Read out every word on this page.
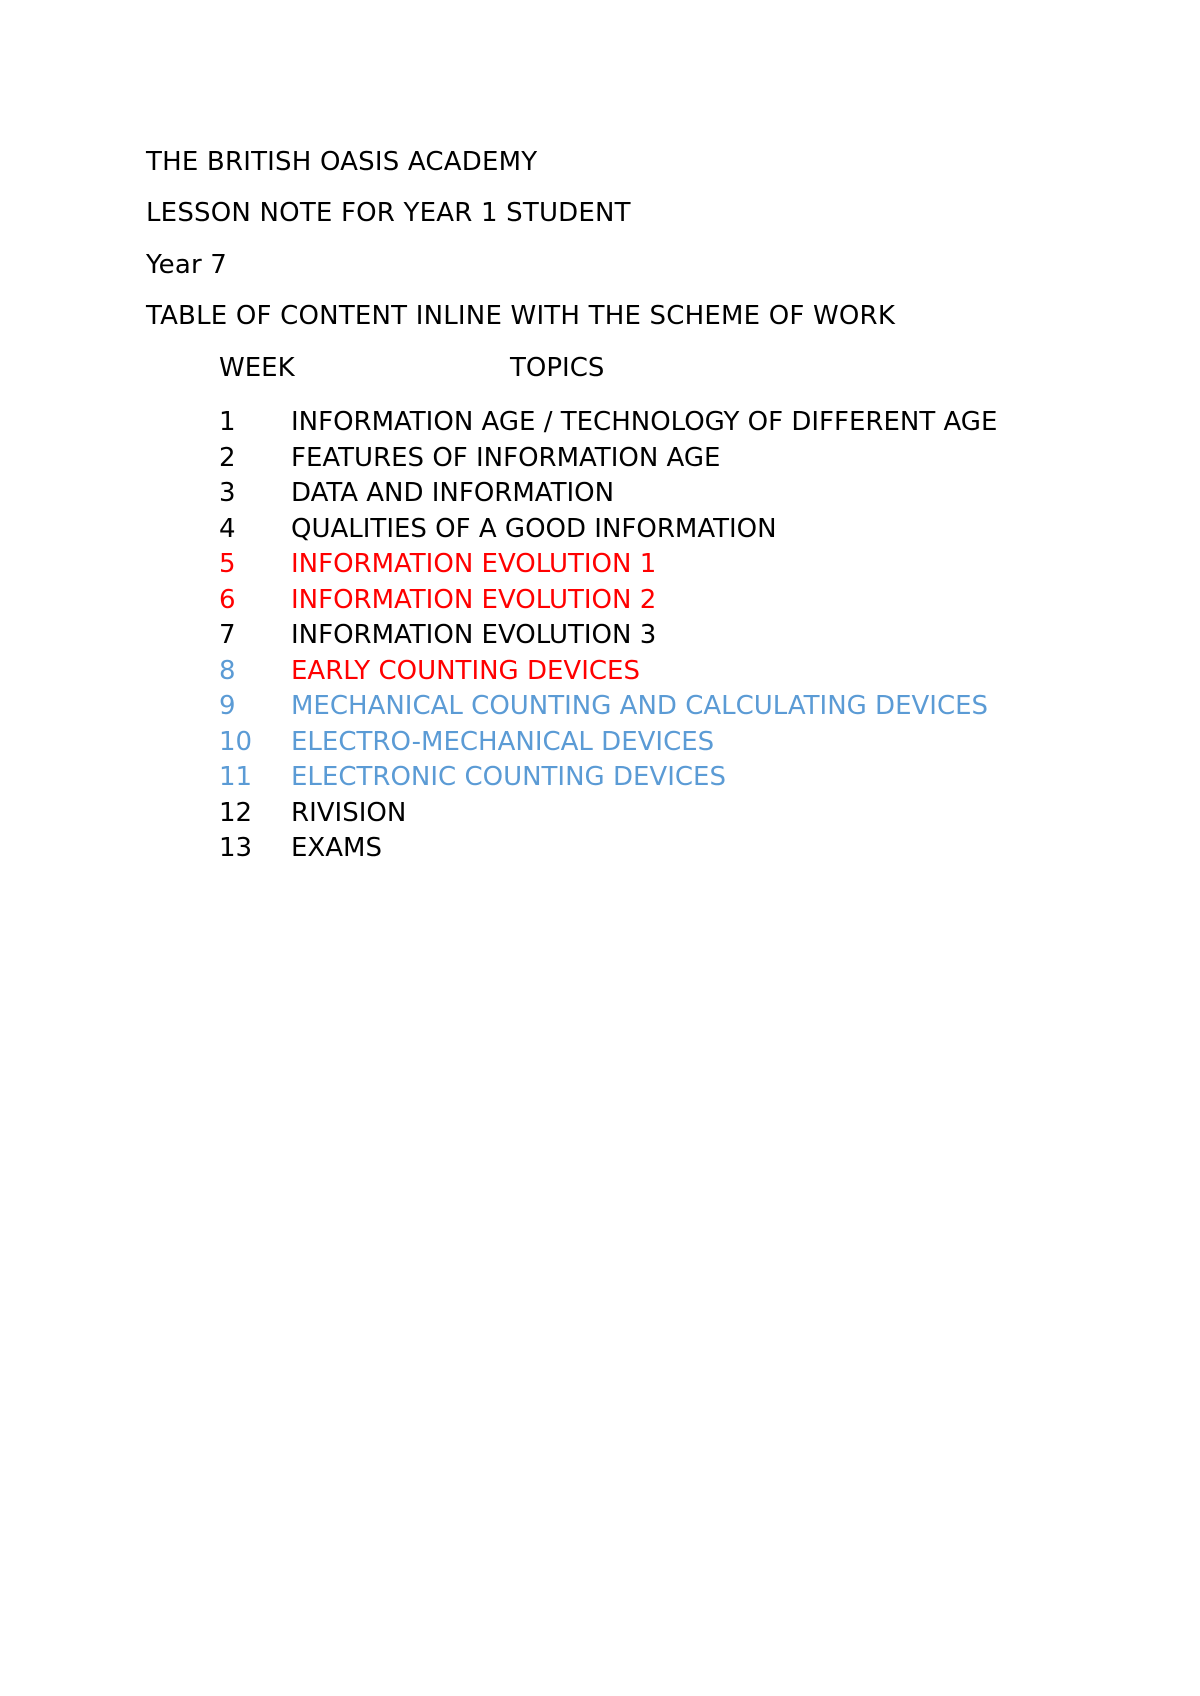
THE BRITISH OASIS ACADEMY
LESSON NOTE FOR YEAR 1 STUDENT
Year 7
TABLE OF CONTENT INLINE WITH THE SCHEME OF WORK
WEEK	TOPICS
1	INFORMATION AGE / TECHNOLOGY OF DIFFERENT AGE
2	FEATURES OF INFORMATION AGE
3	DATA AND INFORMATION
4	QUALITIES OF A GOOD INFORMATION
5	INFORMATION EVOLUTION 1
6	INFORMATION EVOLUTION 2
7	INFORMATION EVOLUTION 3
8	EARLY COUNTING DEVICES
9	MECHANICAL COUNTING AND CALCULATING DEVICES
10	ELECTRO-MECHANICAL DEVICES
11	ELECTRONIC COUNTING DEVICES
12	RIVISION
13	EXAMS
